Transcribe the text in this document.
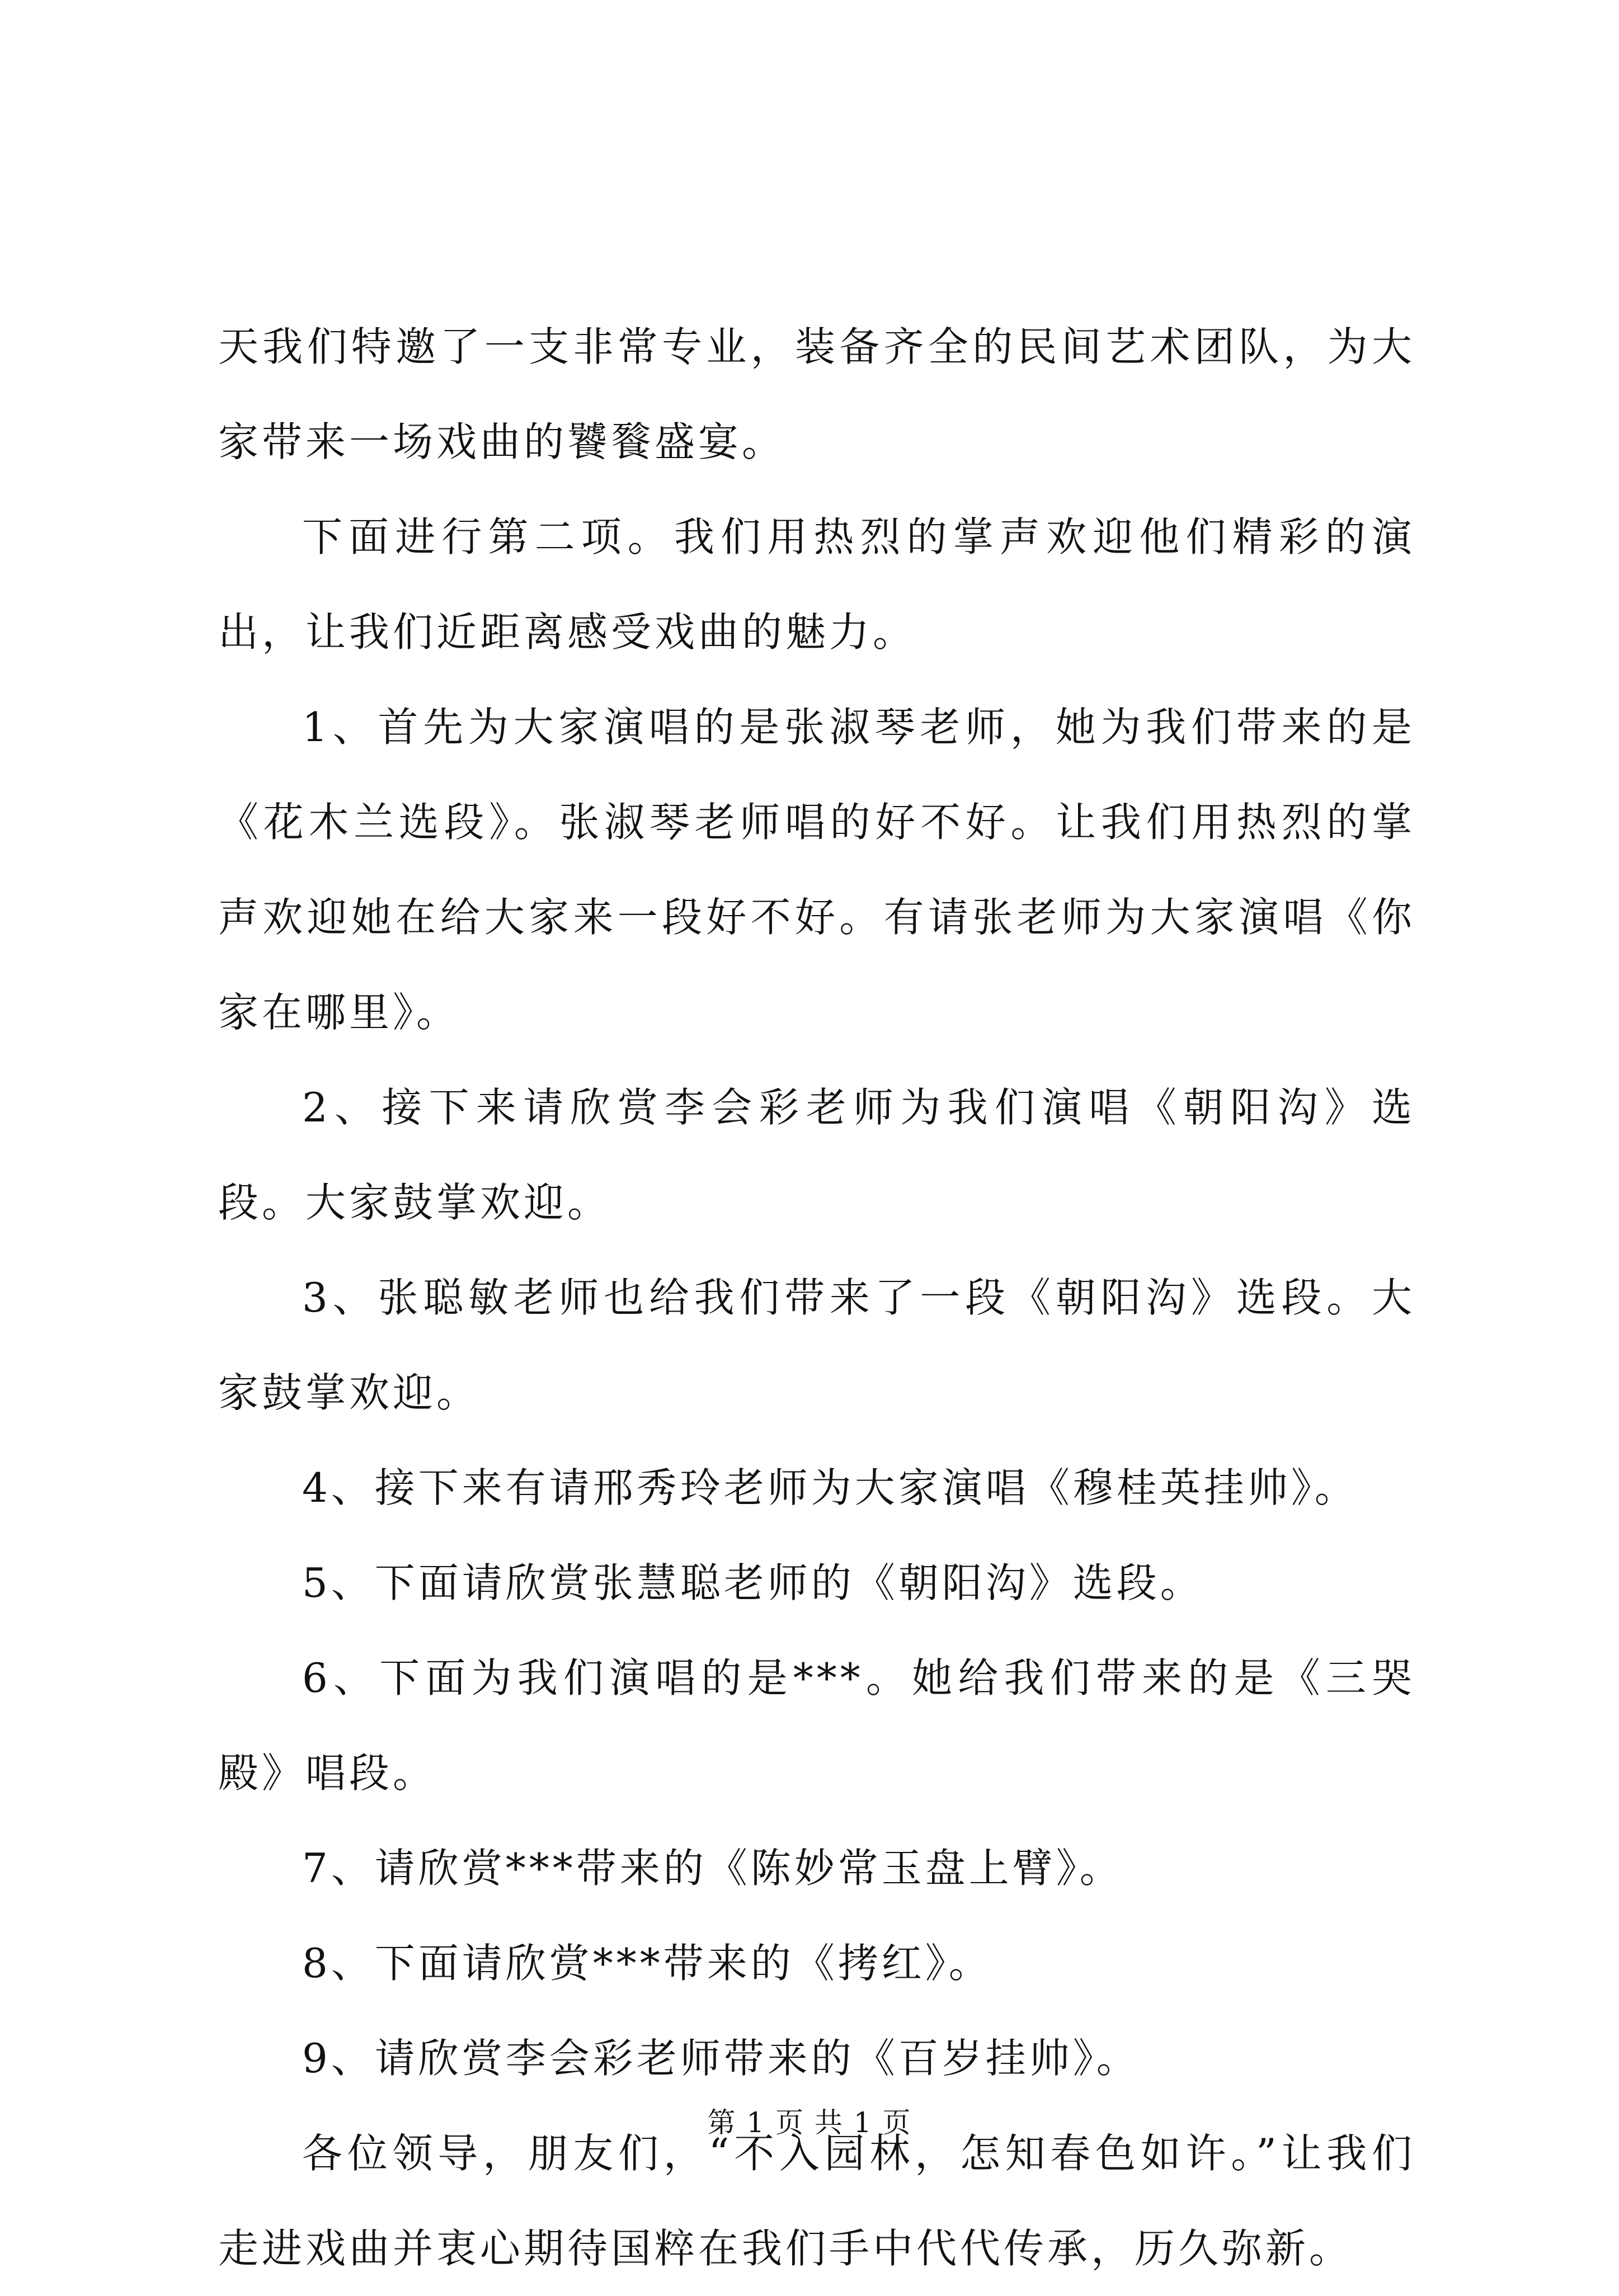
天我们特邀了一支非常专业，装备齐全的民间艺术团队，为大家带来一场戏曲的饕餮盛宴。

下面进行第二项。我们用热烈的掌声欢迎他们精彩的演出，让我们近距离感受戏曲的魅力。

1、首先为大家演唱的是张淑琴老师，她为我们带来的是《花木兰选段》。张淑琴老师唱的好不好。让我们用热烈的掌声欢迎她在给大家来一段好不好。有请张老师为大家演唱《你家在哪里》。

2、接下来请欣赏李会彩老师为我们演唱《朝阳沟》选段。大家鼓掌欢迎。

3、张聪敏老师也给我们带来了一段《朝阳沟》选段。大家鼓掌欢迎。

4、接下来有请邢秀玲老师为大家演唱《穆桂英挂帅》。

5、下面请欣赏张慧聪老师的《朝阳沟》选段。

6、下面为我们演唱的是***。她给我们带来的是《三哭殿》唱段。

7、请欣赏***带来的《陈妙常玉盘上臂》。

8、下面请欣赏***带来的《拷红》。

9、请欣赏李会彩老师带来的《百岁挂帅》。

各位领导，朋友们，“不入园林，怎知春色如许。”让我们走进戏曲并衷心期待国粹在我们手中代代传承，历久弥新。

第 1 页 共 1 页
